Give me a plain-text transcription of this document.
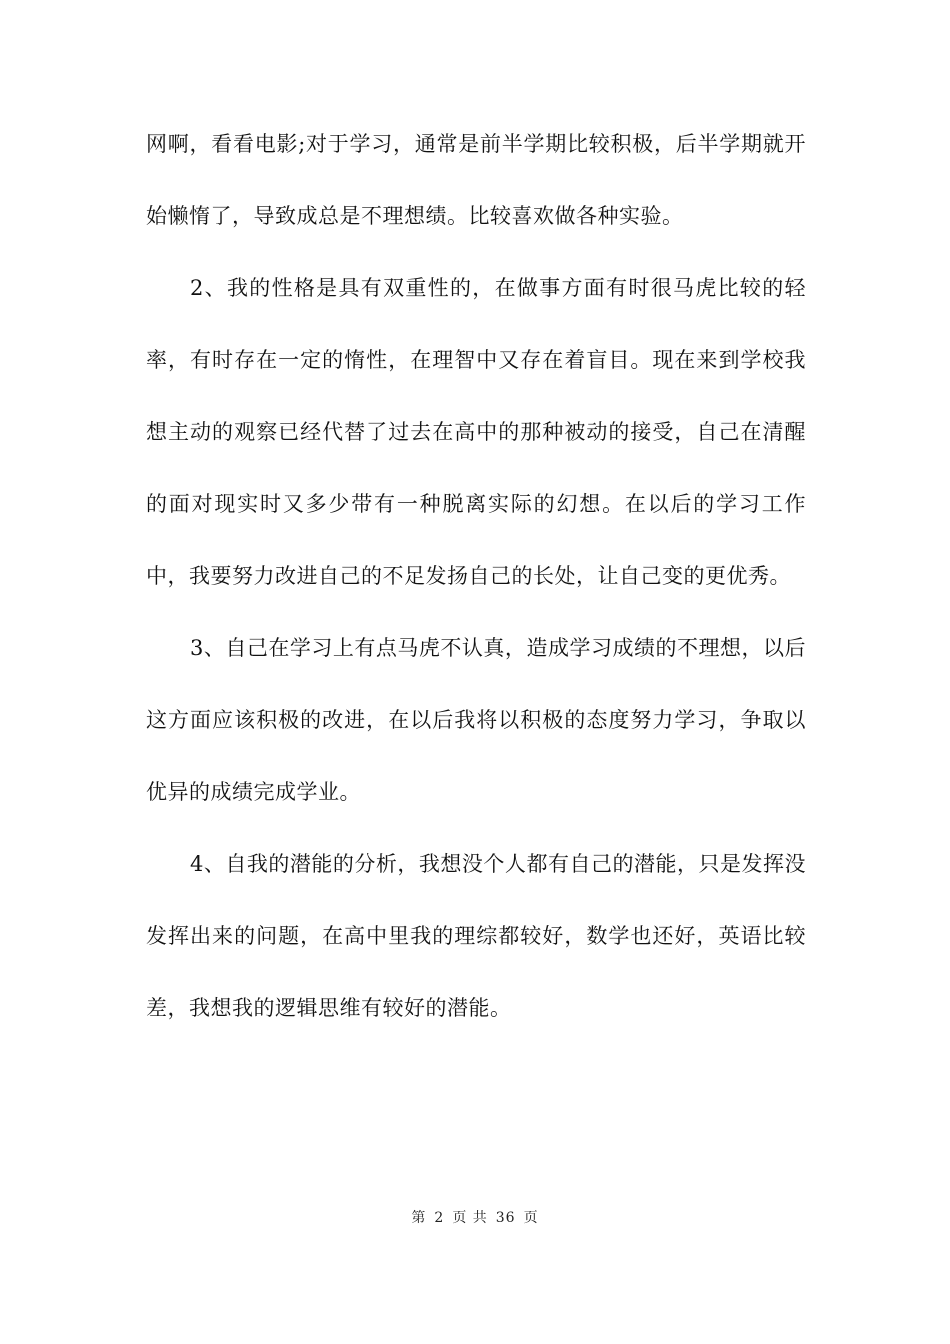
网啊，看看电影;对于学习，通常是前半学期比较积极，后半学期就开始懒惰了，导致成总是不理想绩。比较喜欢做各种实验。

2、我的性格是具有双重性的，在做事方面有时很马虎比较的轻率，有时存在一定的惰性，在理智中又存在着盲目。现在来到学校我想主动的观察已经代替了过去在高中的那种被动的接受，自己在清醒的面对现实时又多少带有一种脱离实际的幻想。在以后的学习工作中，我要努力改进自己的不足发扬自己的长处，让自己变的更优秀。

3、自己在学习上有点马虎不认真，造成学习成绩的不理想，以后这方面应该积极的改进，在以后我将以积极的态度努力学习，争取以优异的成绩完成学业。

4、自我的潜能的分析，我想没个人都有自己的潜能，只是发挥没发挥出来的问题，在高中里我的理综都较好，数学也还好，英语比较差，我想我的逻辑思维有较好的潜能。

第 2 页 共 36 页
